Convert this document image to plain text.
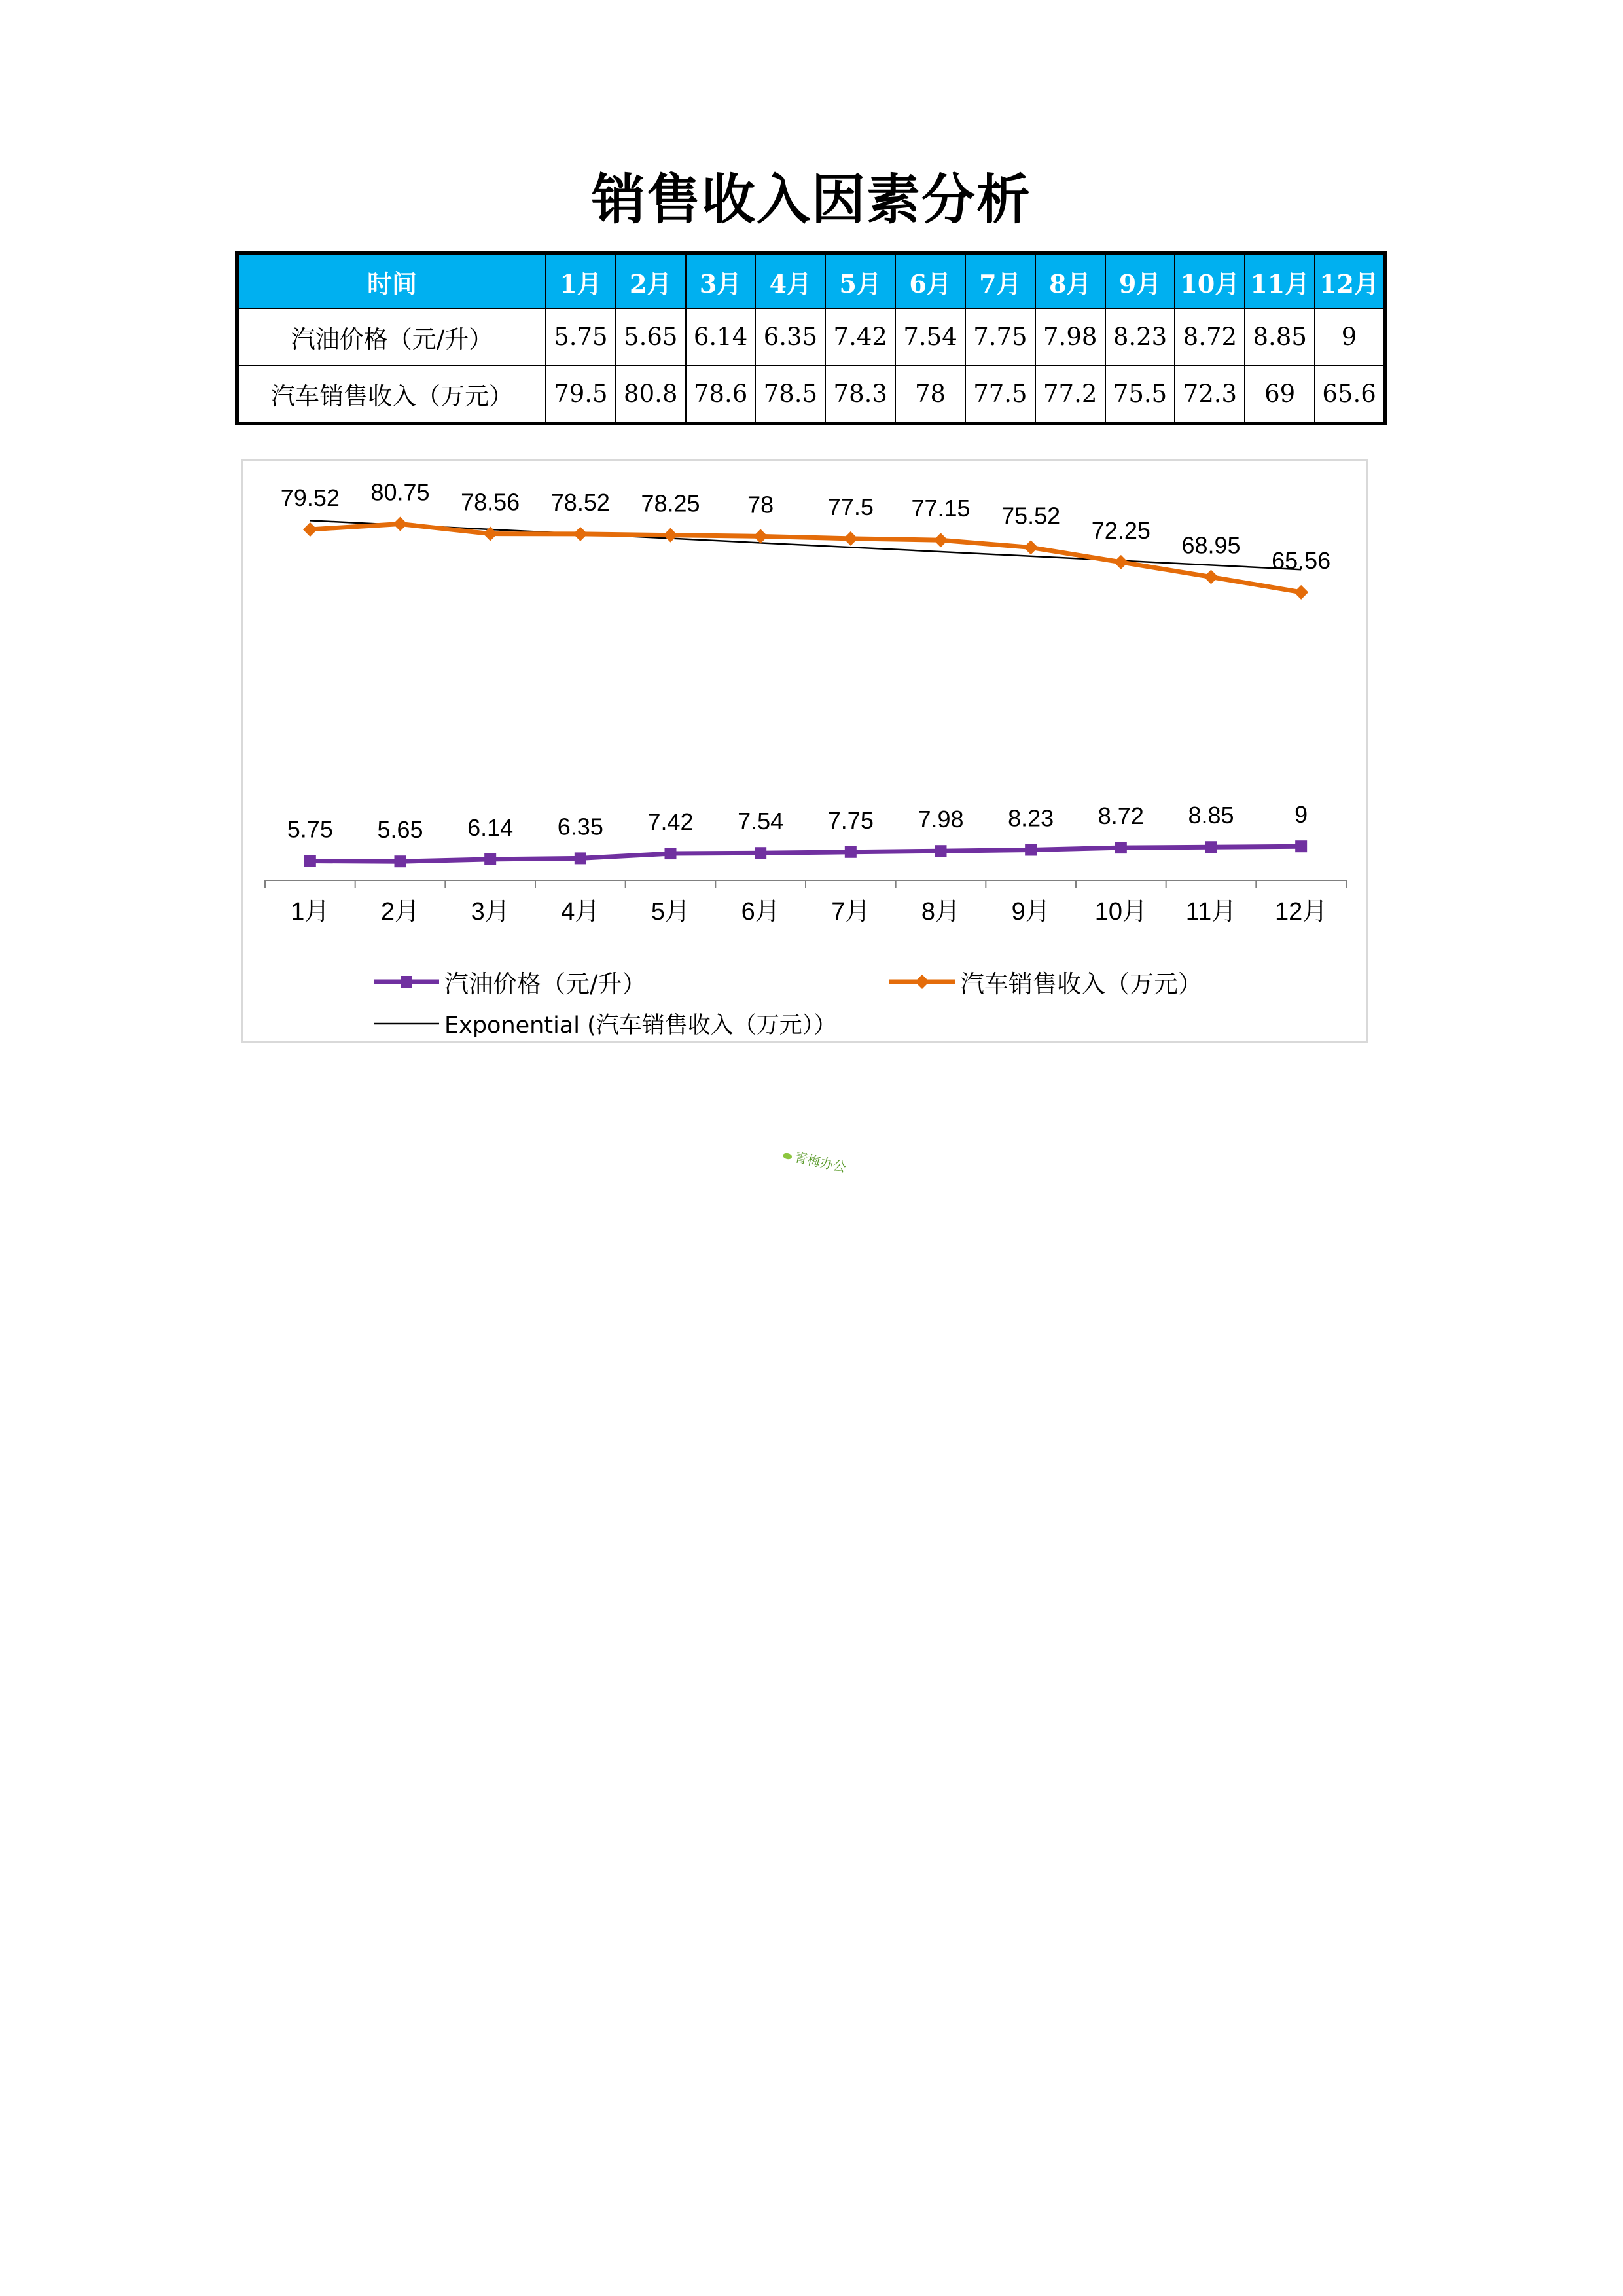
销售收入因素分析
时间	1月	2月	3月	4月	5月	6月	7月	8月	9月	10月	11月	12月
汽油价格（元/升）	5.75	5.65	6.14	6.35	7.42	7.54	7.75	7.98	8.23	8.72	8.85	9
汽车销售收入（万元）	79.5	80.8	78.6	78.5	78.3	78	77.5	77.2	75.5	72.3	69	65.6
1月 2月 3月 4月 5月 6月 7月 8月 9月 10月 11月 12月
5.75 5.65 6.14 6.35 7.42 7.54 7.75 7.98 8.23 8.72 8.85	9
79.52 80.75 78.56 78.52 78.25 78 77.5 77.15 75.52
72.25
68.95
65.56
汽油价格（元/升）	汽车销售收入（万元）
Exponential (汽车销售收入（万元））
青梅办公
